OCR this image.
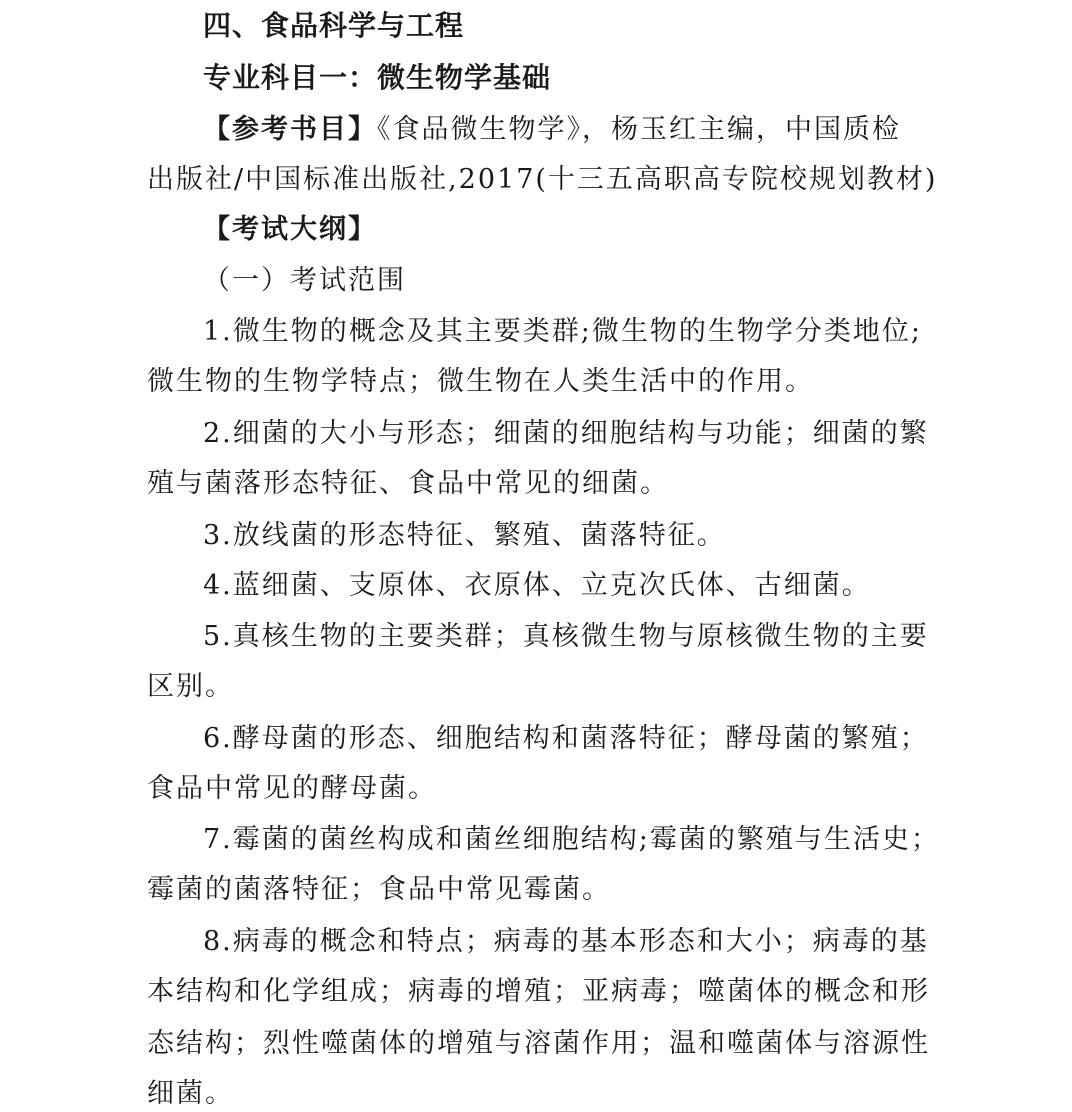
四、食品科学与工程
专业科目一：微生物学基础
【参考书目】《食品微生物学》，杨玉红主编，中国质检
出版社/中国标准出版社,2017(十三五高职高专院校规划教材)
【考试大纲】
（一）考试范围
1.微生物的概念及其主要类群;微生物的生物学分类地位;
微生物的生物学特点；微生物在人类生活中的作用。
2.细菌的大小与形态；细菌的细胞结构与功能；细菌的繁
殖与菌落形态特征、食品中常见的细菌。
3.放线菌的形态特征、繁殖、菌落特征。
4.蓝细菌、支原体、衣原体、立克次氏体、古细菌。
5.真核生物的主要类群；真核微生物与原核微生物的主要
区别。
6.酵母菌的形态、细胞结构和菌落特征；酵母菌的繁殖；
食品中常见的酵母菌。
7.霉菌的菌丝构成和菌丝细胞结构;霉菌的繁殖与生活史；
霉菌的菌落特征；食品中常见霉菌。
8.病毒的概念和特点；病毒的基本形态和大小；病毒的基
本结构和化学组成；病毒的增殖；亚病毒；噬菌体的概念和形
态结构；烈性噬菌体的增殖与溶菌作用；温和噬菌体与溶源性
细菌。
